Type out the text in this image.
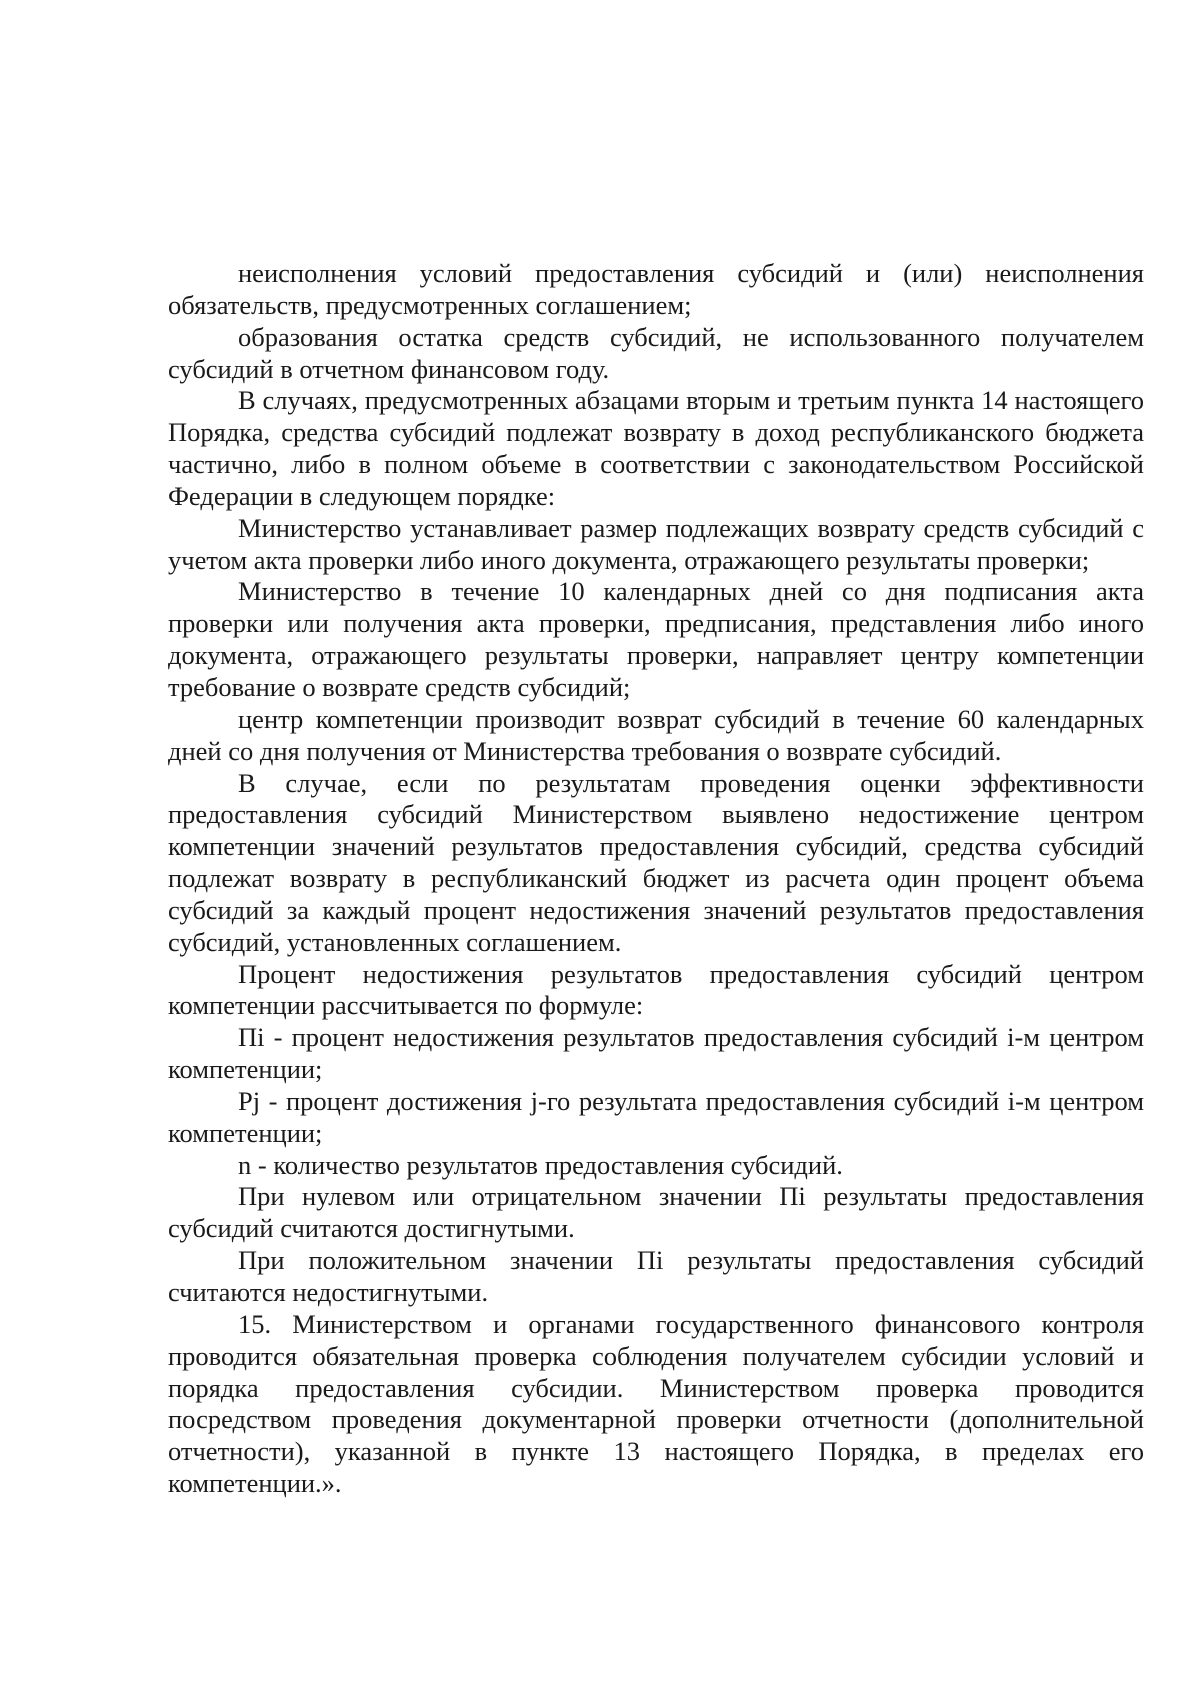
неисполнения условий предоставления субсидий и (или) неисполнения обязательств, предусмотренных соглашением;

образования остатка средств субсидий, не использованного получателем субсидий в отчетном финансовом году.

В случаях, предусмотренных абзацами вторым и третьим пункта 14 настоящего Порядка, средства субсидий подлежат возврату в доход республиканского бюджета частично, либо в полном объеме в соответствии с законодательством Российской Федерации в следующем порядке:

Министерство устанавливает размер подлежащих возврату средств субсидий с учетом акта проверки либо иного документа, отражающего результаты проверки;

Министерство в течение 10 календарных дней со дня подписания акта проверки или получения акта проверки, предписания, представления либо иного документа, отражающего результаты проверки, направляет центру компетенции требование о возврате средств субсидий;

центр компетенции производит возврат субсидий в течение 60 календарных дней со дня получения от Министерства требования о возврате субсидий.

В случае, если по результатам проведения оценки эффективности предоставления субсидий Министерством выявлено недостижение центром компетенции значений результатов предоставления субсидий, средства субсидий подлежат возврату в республиканский бюджет из расчета один процент объема субсидий за каждый процент недостижения значений результатов предоставления субсидий, установленных соглашением.

Процент недостижения результатов предоставления субсидий центром компетенции рассчитывается по формуле:

Пi - процент недостижения результатов предоставления субсидий i-м центром компетенции;

Pj - процент достижения j-го результата предоставления субсидий i-м центром компетенции;

n - количество результатов предоставления субсидий.

При нулевом или отрицательном значении Пi результаты предоставления субсидий считаются достигнутыми.

При положительном значении Пi результаты предоставления субсидий считаются недостигнутыми.

15. Министерством и органами государственного финансового контроля проводится обязательная проверка соблюдения получателем субсидии условий и порядка предоставления субсидии. Министерством проверка проводится посредством проведения документарной проверки отчетности (дополнительной отчетности), указанной в пункте 13 настоящего Порядка, в пределах его компетенции.».
